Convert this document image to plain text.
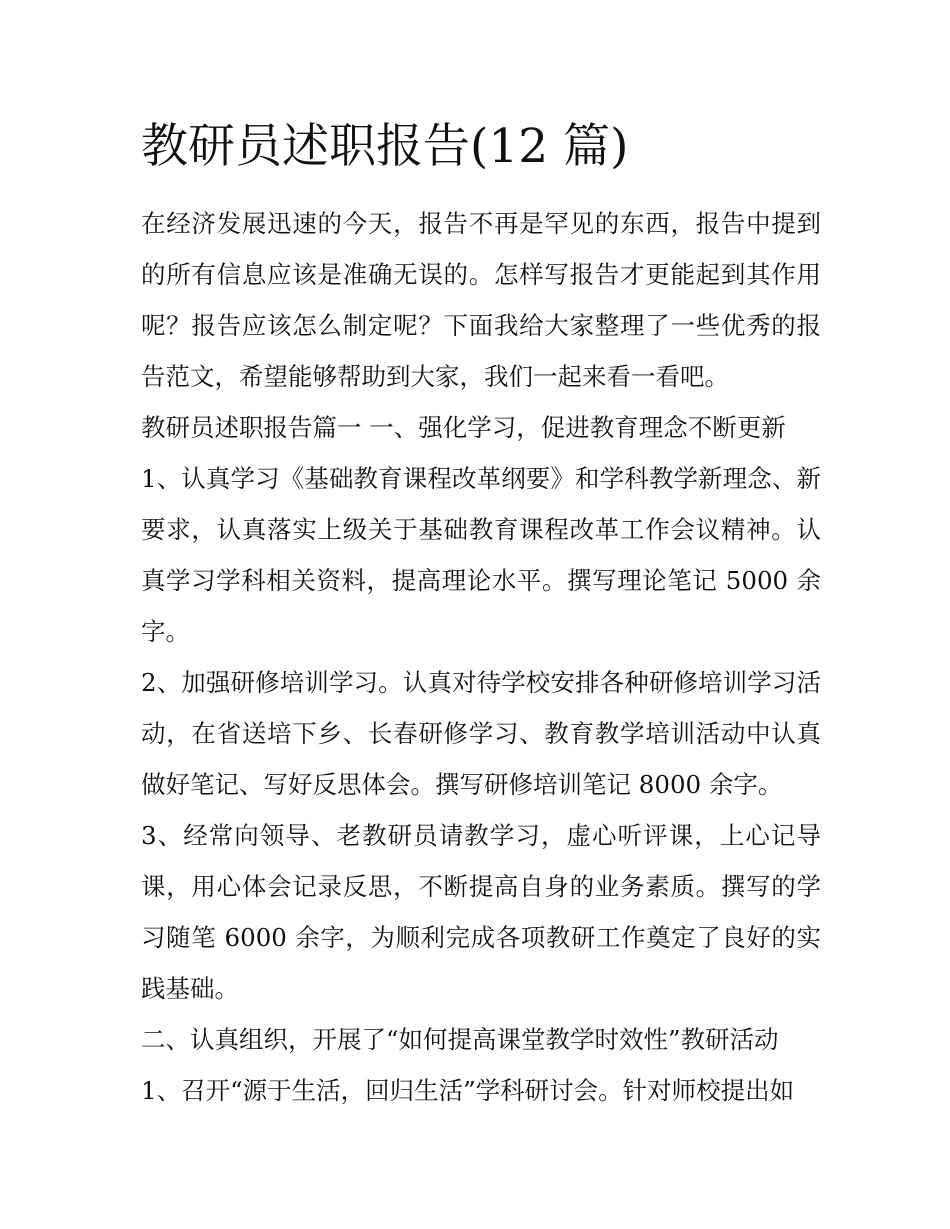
教研员述职报告(12 篇)

在经济发展迅速的今天，报告不再是罕见的东西，报告中提到的所有信息应该是准确无误的。怎样写报告才更能起到其作用呢？报告应该怎么制定呢？下面我给大家整理了一些优秀的报告范文，希望能够帮助到大家，我们一起来看一看吧。

教研员述职报告篇一 一、强化学习，促进教育理念不断更新

1、认真学习《基础教育课程改革纲要》和学科教学新理念、新要求，认真落实上级关于基础教育课程改革工作会议精神。认真学习学科相关资料，提高理论水平。撰写理论笔记 5000 余字。

2、加强研修培训学习。认真对待学校安排各种研修培训学习活动，在省送培下乡、长春研修学习、教育教学培训活动中认真做好笔记、写好反思体会。撰写研修培训笔记 8000 余字。

3、经常向领导、老教研员请教学习，虚心听评课，上心记导课，用心体会记录反思，不断提高自身的业务素质。撰写的学习随笔 6000 余字，为顺利完成各项教研工作奠定了良好的实践基础。

二、认真组织，开展了“如何提高课堂教学时效性”教研活动

1、召开“源于生活，回归生活”学科研讨会。针对师校提出如
